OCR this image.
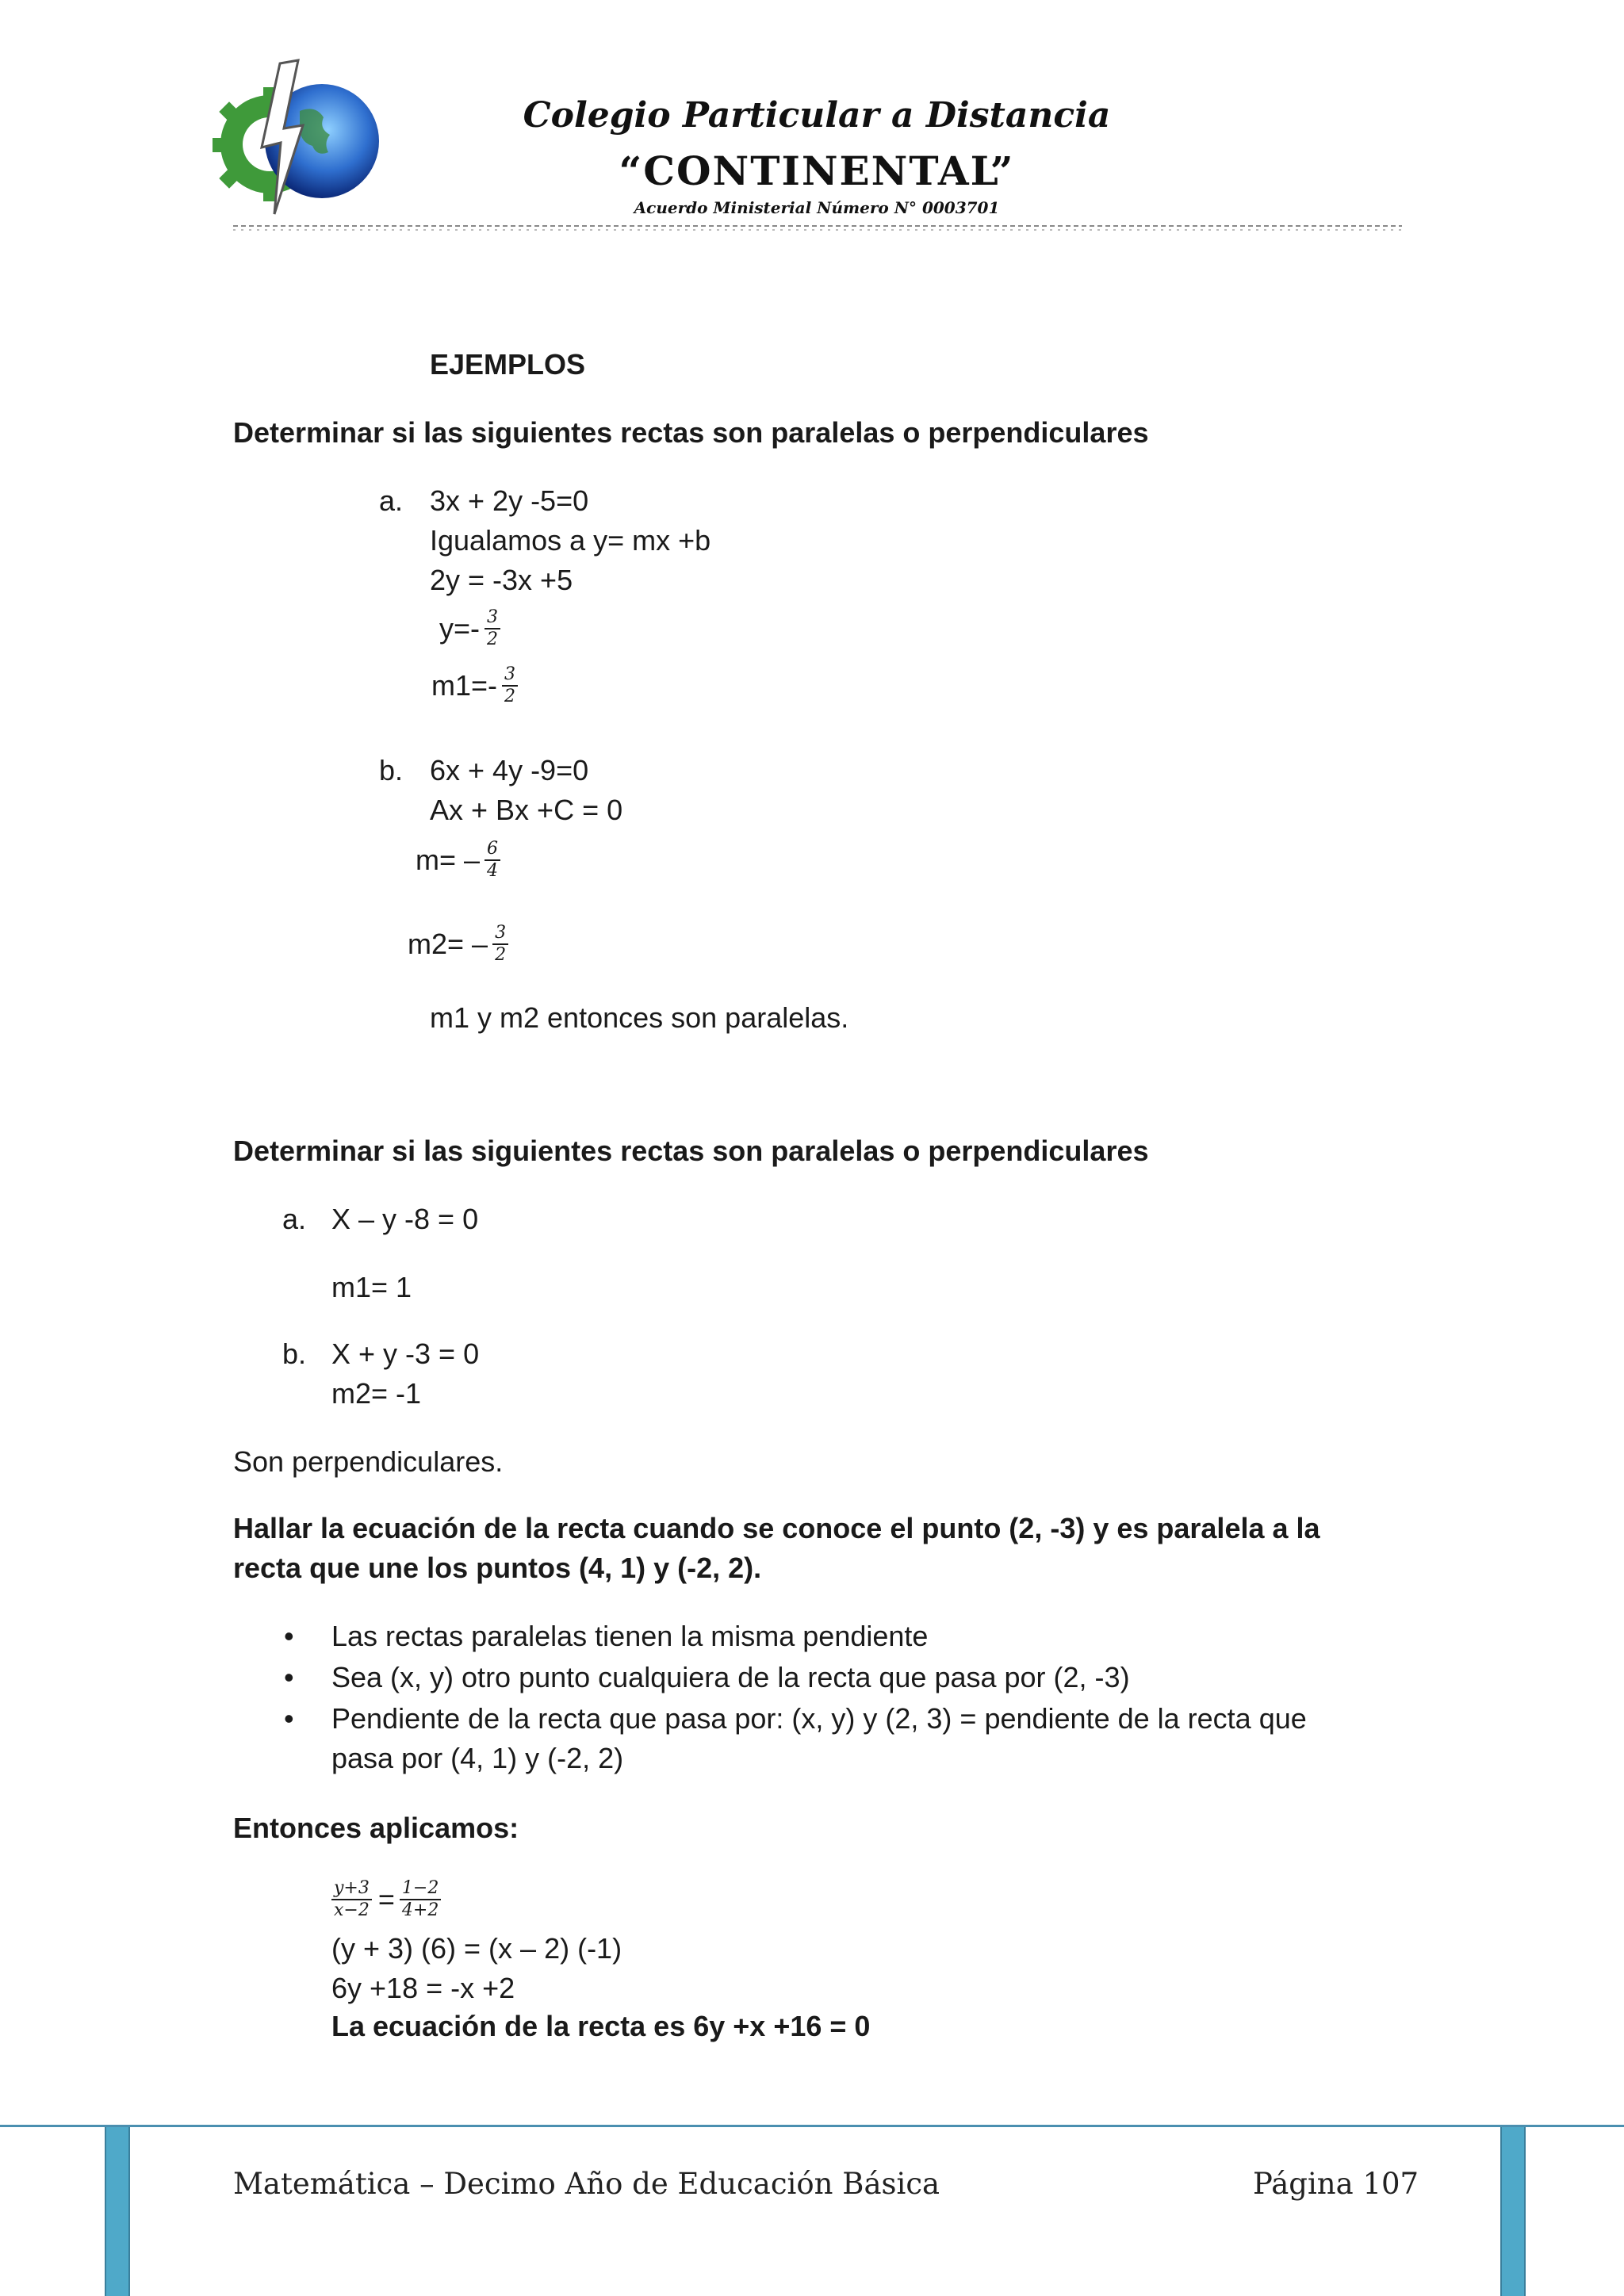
Colegio Particular a Distancia
“CONTINENTAL”
Acuerdo Ministerial Número N° 0003701
EJEMPLOS
Determinar si las siguientes rectas son paralelas o perpendiculares
a. 3x + 2y -5=0
Igualamos a y= mx +b
2y = -3x +5
$y=- \frac{3}{2}$
$m1=- \frac{3}{2}$
b. 6x + 4y -9=0
Ax + Bx +C = 0
$m= - \frac{6}{4}$
$m2= - \frac{3}{2}$
m1 y m2 entonces son paralelas.
Determinar si las siguientes rectas son paralelas o perpendiculares
a. X – y -8 = 0
m1= 1
b. X + y -3 = 0
m2= -1
Son perpendiculares.
Hallar la ecuación de la recta cuando se conoce el punto (2, -3) y es paralela a la
recta que une los puntos (4, 1) y (-2, 2).
• Las rectas paralelas tienen la misma pendiente
• Sea (x, y) otro punto cualquiera de la recta que pasa por (2, -3)
• Pendiente de la recta que pasa por: (x, y) y (2, 3) = pendiente de la recta que
pasa por (4, 1) y (-2, 2)
Entonces aplicamos:
$\frac{y+3}{x-2} = \frac{1-2}{4+2}$
(y + 3) (6) = (x – 2) (-1)
6y +18 = -x +2
La ecuación de la recta es 6y +x +16 = 0
Matemática – Decimo Año de Educación Básica	Página 107
